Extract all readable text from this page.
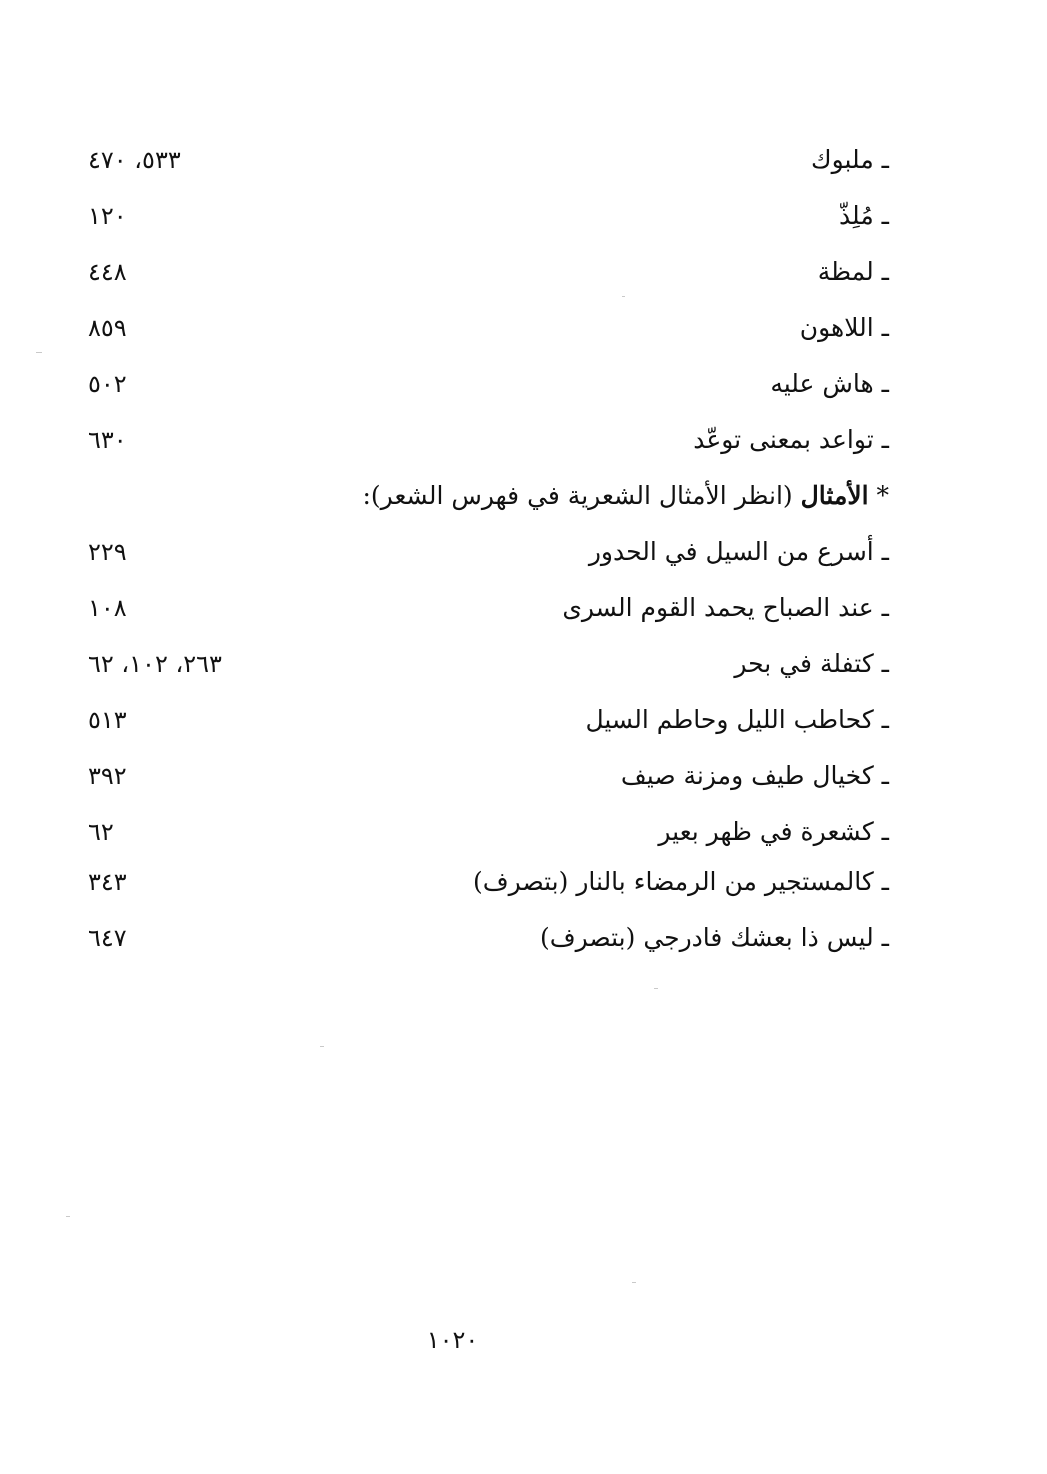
ـ ملبوك
٥٣٣، ٤٧٠
ـ مُلِذّ
١٢٠
ـ لمظة
٤٤٨
ـ اللاهون
٨٥٩
ـ هاش عليه
٥٠٢
ـ تواعد بمعنى توعّد
٦٣٠
* الأمثال (انظر الأمثال الشعرية في فهرس الشعر):
ـ أسرع من السيل في الحدور
٢٢٩
ـ عند الصباح يحمد القوم السرى
١٠٨
ـ كتفلة في بحر
٢٦٣، ١٠٢، ٦٢
ـ كحاطب الليل وحاطم السيل
٥١٣
ـ كخيال طيف ومزنة صيف
٣٩٢
ـ كشعرة في ظهر بعير
٦٢
ـ كالمستجير من الرمضاء بالنار (بتصرف)
٣٤٣
ـ ليس ذا بعشك فادرجي (بتصرف)
٦٤٧
١٠٢٠
